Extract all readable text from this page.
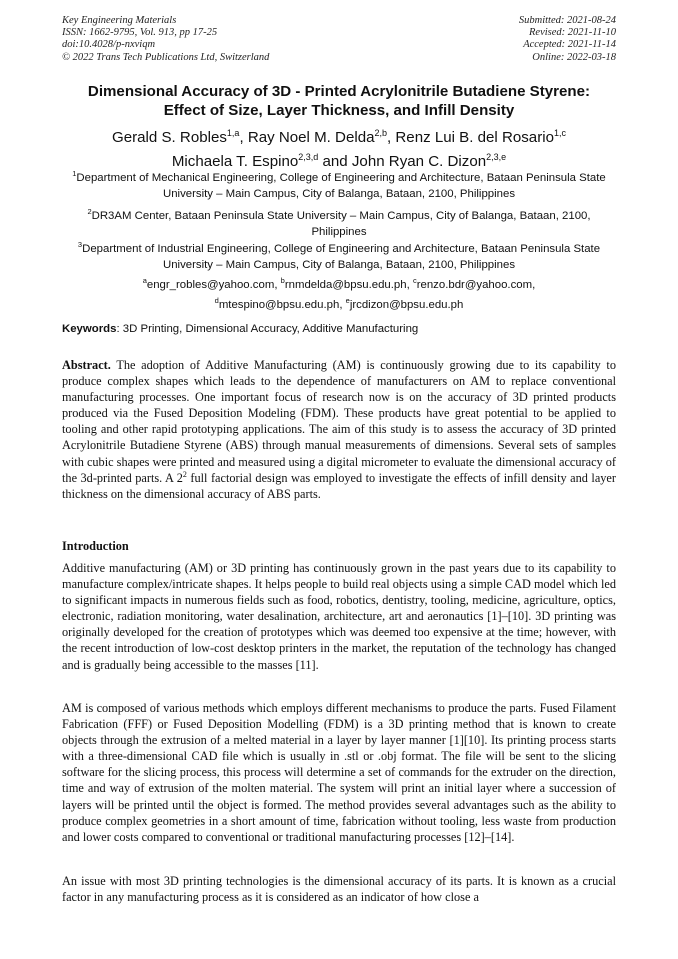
Key Engineering Materials
ISSN: 1662-9795, Vol. 913, pp 17-25
doi:10.4028/p-nxviqm
© 2022 Trans Tech Publications Ltd, Switzerland
Submitted: 2021-08-24
Revised: 2021-11-10
Accepted: 2021-11-14
Online: 2022-03-18
Dimensional Accuracy of 3D - Printed Acrylonitrile Butadiene Styrene:
Effect of Size, Layer Thickness, and Infill Density
Gerald S. Robles$^{1,a}$, Ray Noel M. Delda$^{2,b}$, Renz Lui B. del Rosario$^{1,c}$
Michaela T. Espino$^{2,3,d}$ and John Ryan C. Dizon$^{2,3,e}$
$^1$Department of Mechanical Engineering, College of Engineering and Architecture, Bataan Peninsula State University – Main Campus, City of Balanga, Bataan, 2100, Philippines
$^2$DR3AM Center, Bataan Peninsula State University – Main Campus, City of Balanga, Bataan, 2100, Philippines
$^3$Department of Industrial Engineering, College of Engineering and Architecture, Bataan Peninsula State University – Main Campus, City of Balanga, Bataan, 2100, Philippines
$^a$engr_robles@yahoo.com, $^b$rnmdelda@bpsu.edu.ph, $^c$renzo.bdr@yahoo.com,
$^d$mtespino@bpsu.edu.ph, $^e$jrcdizon@bpsu.edu.ph
Keywords: 3D Printing, Dimensional Accuracy, Additive Manufacturing
Abstract. The adoption of Additive Manufacturing (AM) is continuously growing due to its capability to produce complex shapes which leads to the dependence of manufacturers on AM to replace conventional manufacturing processes. One important focus of research now is on the accuracy of 3D printed products produced via the Fused Deposition Modeling (FDM). These products have great potential to be applied to tooling and other rapid prototyping applications. The aim of this study is to assess the accuracy of 3D printed Acrylonitrile Butadiene Styrene (ABS) through manual measurements of dimensions. Several sets of samples with cubic shapes were printed and measured using a digital micrometer to evaluate the dimensional accuracy of the 3d-printed parts. A $2^2$ full factorial design was employed to investigate the effects of infill density and layer thickness on the dimensional accuracy of ABS parts.
Introduction
Additive manufacturing (AM) or 3D printing has continuously grown in the past years due to its capability to manufacture complex/intricate shapes. It helps people to build real objects using a simple CAD model which led to significant impacts in numerous fields such as food, robotics, dentistry, tooling, medicine, agriculture, optics, electronic, radiation monitoring, water desalination, architecture, art and aeronautics [1]–[10]. 3D printing was originally developed for the creation of prototypes which was deemed too expensive at the time; however, with the recent introduction of low-cost desktop printers in the market, the reputation of the technology has changed and is gradually being accessible to the masses [11].
AM is composed of various methods which employs different mechanisms to produce the parts. Fused Filament Fabrication (FFF) or Fused Deposition Modelling (FDM) is a 3D printing method that is known to create objects through the extrusion of a melted material in a layer by layer manner [1][10]. Its printing process starts with a three-dimensional CAD file which is usually in .stl or .obj format. The file will be sent to the slicing software for the slicing process, this process will determine a set of commands for the extruder on the direction, time and way of extrusion of the molten material. The system will print an initial layer where a succession of layers will be printed until the object is formed. The method provides several advantages such as the ability to produce complex geometries in a short amount of time, fabrication without tooling, less waste from production and lower costs compared to conventional or traditional manufacturing processes [12]–[14].
An issue with most 3D printing technologies is the dimensional accuracy of its parts. It is known as a crucial factor in any manufacturing process as it is considered as an indicator of how close a
